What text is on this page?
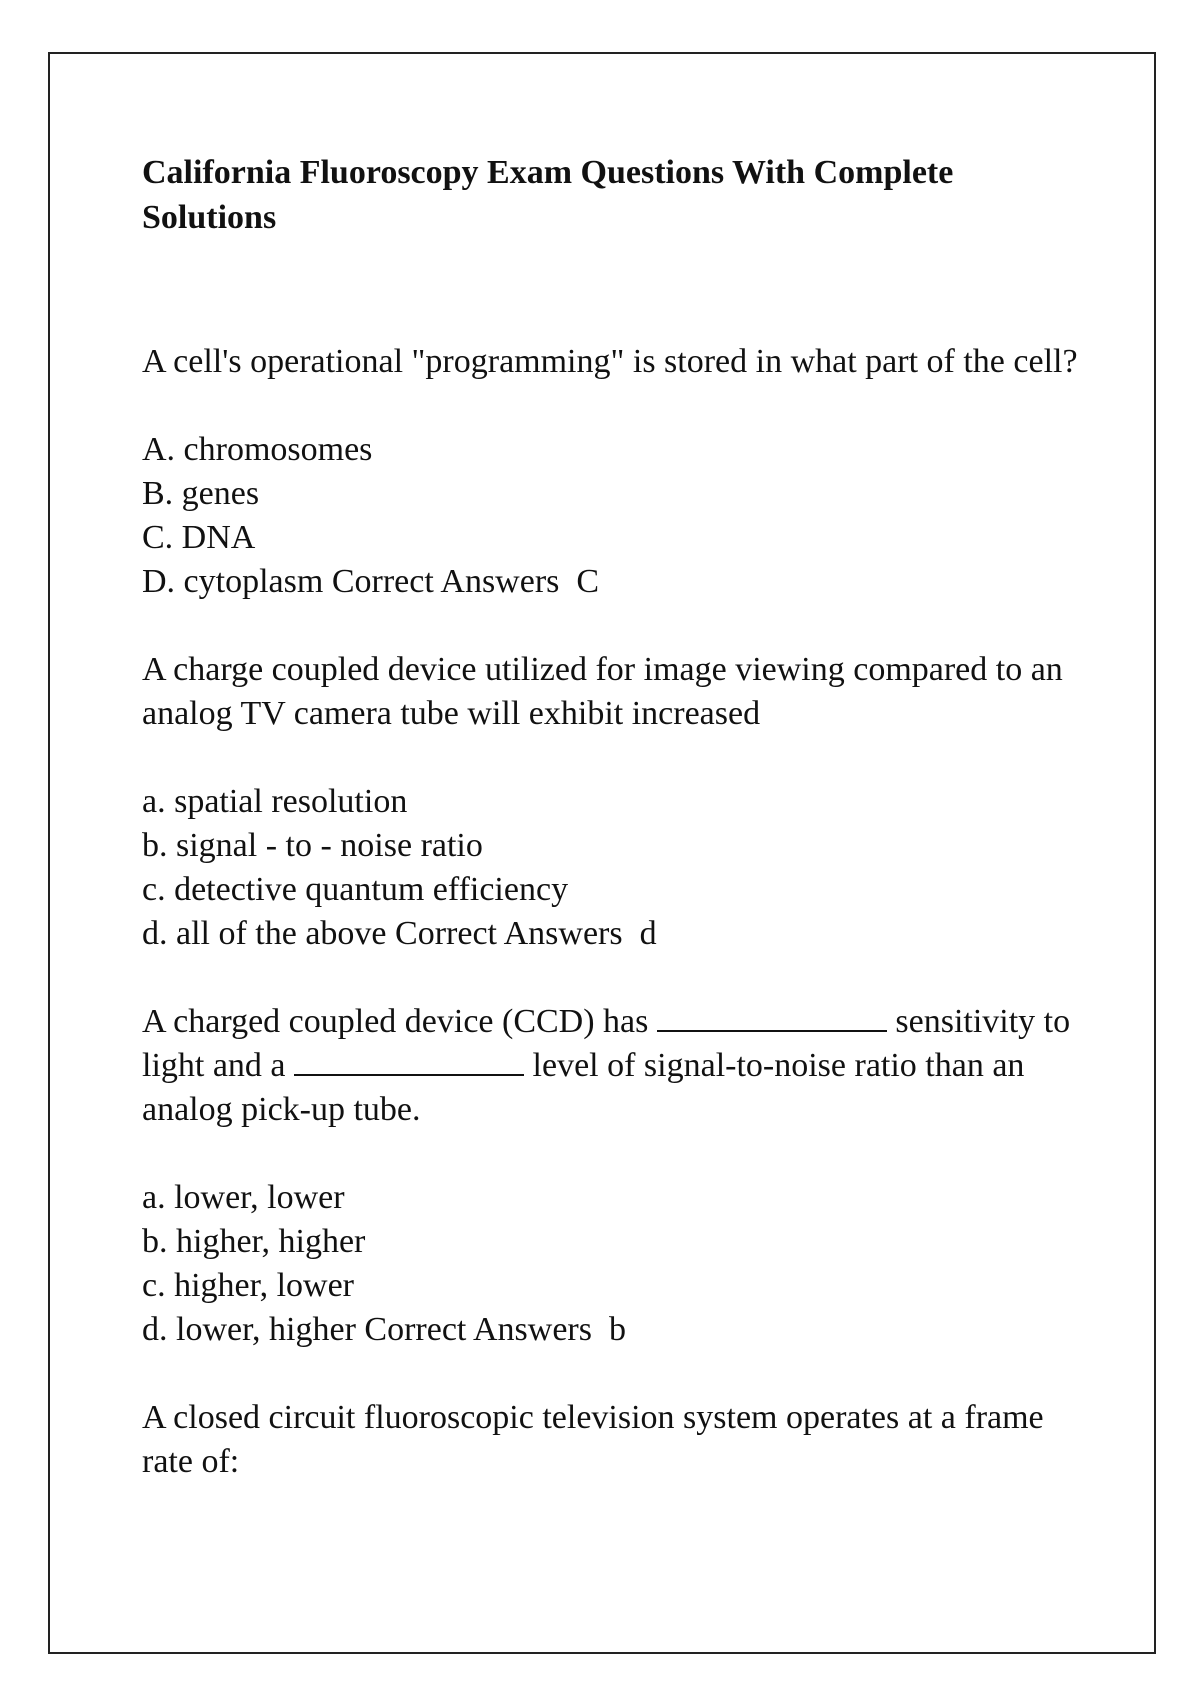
California Fluoroscopy Exam Questions With Complete Solutions
A cell's operational "programming" is stored in what part of the cell?
A. chromosomes
B. genes
C. DNA
D. cytoplasm Correct Answers C
A charge coupled device utilized for image viewing compared to an analog TV camera tube will exhibit increased
a. spatial resolution
b. signal - to - noise ratio
c. detective quantum efficiency
d. all of the above Correct Answers d
A charged coupled device (CCD) has	sensitivity to light and a	level of signal-to-noise ratio than an analog pick-up tube.
a. lower, lower
b. higher, higher
c. higher, lower
d. lower, higher Correct Answers b
A closed circuit fluoroscopic television system operates at a frame rate of:
